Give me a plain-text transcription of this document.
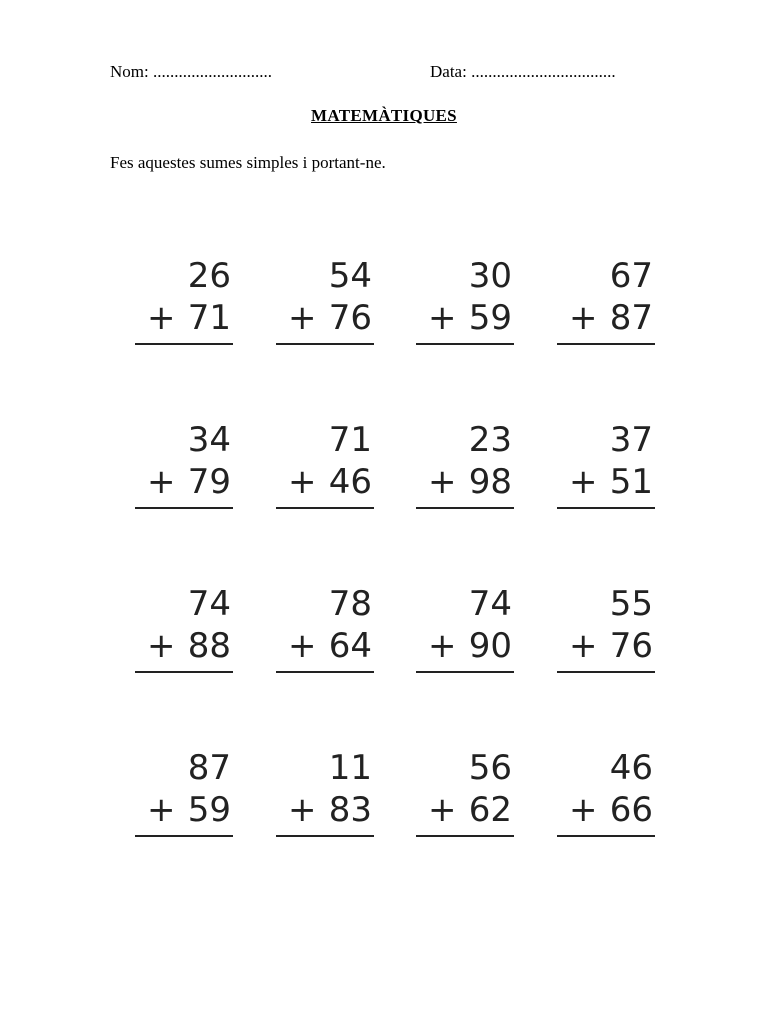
Nom: ............................	Data: ..................................
MATEMÀTIQUES
Fes aquestes sumes simples i portant-ne.
26
+ 71
54
+ 76
30
+ 59
67
+ 87
34
+ 79
71
+ 46
23
+ 98
37
+ 51
74
+ 88
78
+ 64
74
+ 90
55
+ 76
87
+ 59
11
+ 83
56
+ 62
46
+ 66
